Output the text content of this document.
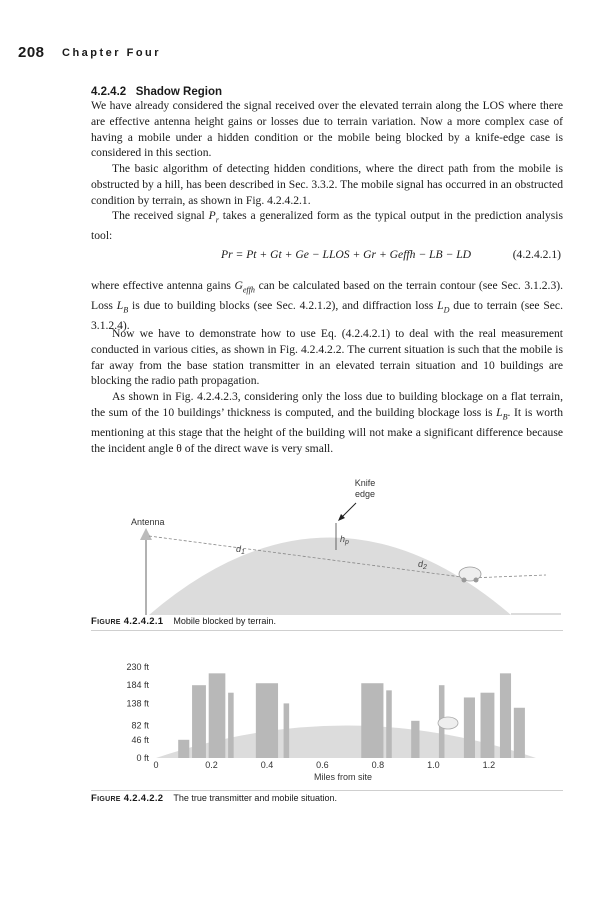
208 Chapter Four
4.2.4.2 Shadow Region
We have already considered the signal received over the elevated terrain along the LOS where there are effective antenna height gains or losses due to terrain variation. Now a more complex case of having a mobile under a hidden condition or the mobile being blocked by a knife-edge case is considered in this section.
The basic algorithm of detecting hidden conditions, where the direct path from the mobile is obstructed by a hill, has been described in Sec. 3.3.2. The mobile signal has occurred in an obstructed condition by terrain, as shown in Fig. 4.2.4.2.1.
The received signal $P_r$ takes a generalized form as the typical output in the prediction analysis tool:
Pr = Pt + Gt + Ge − LLOS + Gr + Geffh − LB − LD	(4.2.4.2.1)
where effective antenna gains $G_{effh}$ can be calculated based on the terrain contour (see Sec. 3.1.2.3). Loss $L_B$ is due to building blocks (see Sec. 4.2.1.2), and diffraction loss $L_D$ due to terrain (see Sec. 3.1.2.4).
Now we have to demonstrate how to use Eq. (4.2.4.2.1) to deal with the real measurement conducted in various cities, as shown in Fig. 4.2.4.2.2. The current situation is such that the mobile is far away from the base station transmitter in an elevated terrain situation and 10 buildings are blocking the radio path propagation.
As shown in Fig. 4.2.4.2.3, considering only the loss due to building blockage on a flat terrain, the sum of the 10 buildings’ thickness is computed, and the building blockage loss is $L_B$. It is worth mentioning at this stage that the height of the building will not make a significant difference because the incident angle θ of the direct wave is very small.
Knife
edge
Antenna
$d_1$
$d_2$
$h_p$
Figure 4.2.4.2.1 Mobile blocked by terrain.
230 ft
184 ft
138 ft
82 ft
46 ft
0 ft
0	0.2	0.4	0.6	0.8	1.0	1.2
Miles from site
Figure 4.2.4.2.2 The true transmitter and mobile situation.
